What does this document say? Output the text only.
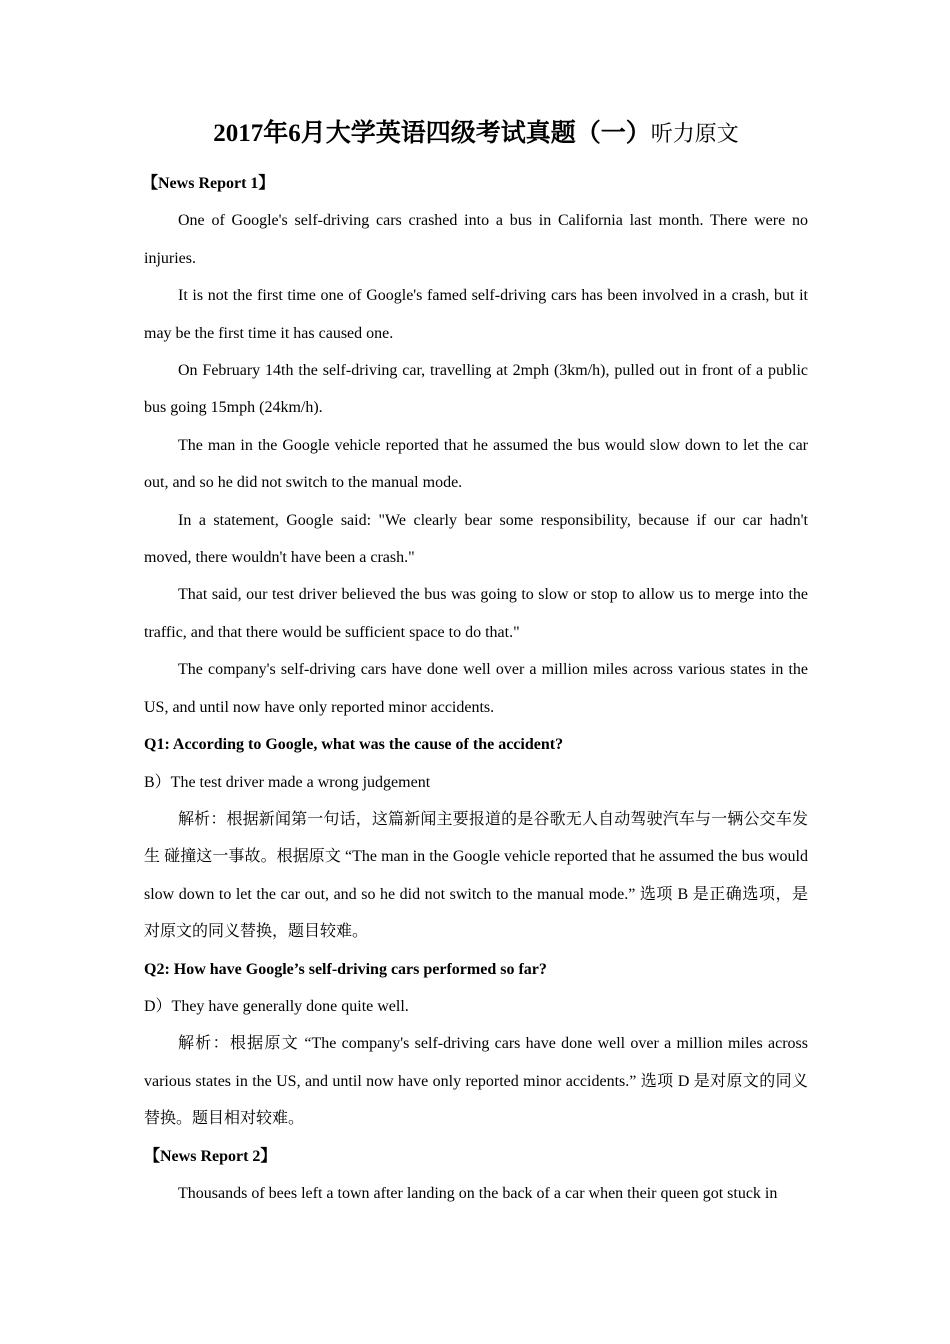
2017年6月大学英语四级考试真题（一）听力原文

【News Report 1】

One of Google's self-driving cars crashed into a bus in California last month. There were no injuries.

It is not the first time one of Google's famed self-driving cars has been involved in a crash, but it may be the first time it has caused one.

On February 14th the self-driving car, travelling at 2mph (3km/h), pulled out in front of a public bus going 15mph (24km/h).

The man in the Google vehicle reported that he assumed the bus would slow down to let the car out, and so he did not switch to the manual mode.

In a statement, Google said: "We clearly bear some responsibility, because if our car hadn't moved, there wouldn't have been a crash."

That said, our test driver believed the bus was going to slow or stop to allow us to merge into the traffic, and that there would be sufficient space to do that."

The company's self-driving cars have done well over a million miles across various states in the US, and until now have only reported minor accidents.

Q1: According to Google, what was the cause of the accident?

B）The test driver made a wrong judgement

解析：根据新闻第一句话，这篇新闻主要报道的是谷歌无人自动驾驶汽车与一辆公交车发生 碰撞这一事故。根据原文 “The man in the Google vehicle reported that he assumed the bus would slow down to let the car out, and so he did not switch to the manual mode.” 选项 B 是正确选项，是对原文的同义替换，题目较难。

Q2: How have Google’s self-driving cars performed so far?

D）They have generally done quite well.

解析：根据原文 “The company's self-driving cars have done well over a million miles across various states in the US, and until now have only reported minor accidents.” 选项 D 是对原文的同义替换。题目相对较难。

【News Report 2】

Thousands of bees left a town after landing on the back of a car when their queen got stuck in
